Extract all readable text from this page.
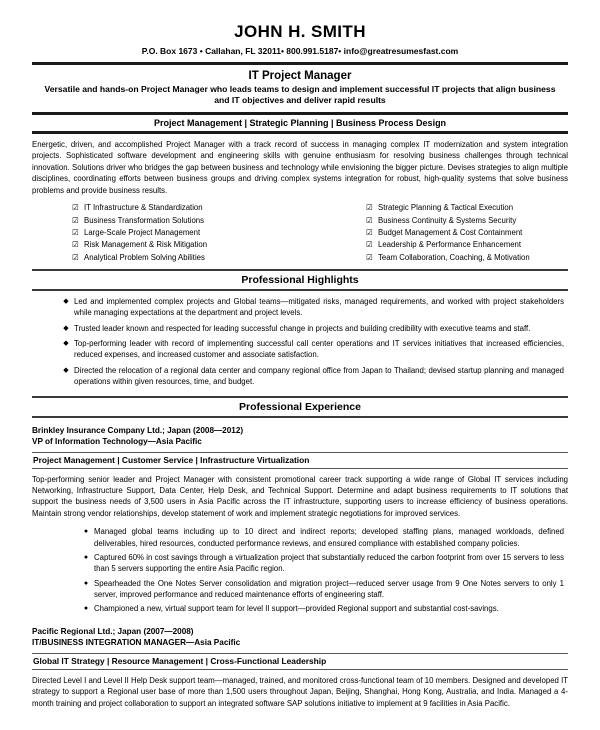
JOHN H. SMITH
P.O. Box 1673 • Callahan, FL 32011• 800.991.5187• info@greatresumesfast.com
IT Project Manager
Versatile and hands-on Project Manager who leads teams to design and implement successful IT projects that align business and IT objectives and deliver rapid results
Project Management | Strategic Planning | Business Process Design
Energetic, driven, and accomplished Project Manager with a track record of success in managing complex IT modernization and system integration projects. Sophisticated software development and engineering skills with genuine enthusiasm for resolving business challenges through technical innovation. Solutions driver who bridges the gap between business and technology while envisioning the bigger picture. Devises strategies to align multiple disciplines, coordinating efforts between business groups and driving complex systems integration for robust, high-quality systems that solve business problems and provide business results.
☑ IT Infrastructure & Standardization
☑ Business Transformation Solutions
☑ Large-Scale Project Management
☑ Risk Management & Risk Mitigation
☑ Analytical Problem Solving Abilities
☑ Strategic Planning & Tactical Execution
☑ Business Continuity & Systems Security
☑ Budget Management & Cost Containment
☑ Leadership & Performance Enhancement
☑ Team Collaboration, Coaching, & Motivation
Professional Highlights
◆ Led and implemented complex projects and Global teams—mitigated risks, managed requirements, and worked with project stakeholders while managing expectations at the department and project levels.
◆ Trusted leader known and respected for leading successful change in projects and building credibility with executive teams and staff.
◆ Top-performing leader with record of implementing successful call center operations and IT services initiatives that increased efficiencies, reduced expenses, and increased customer and associate satisfaction.
◆ Directed the relocation of a regional data center and company regional office from Japan to Thailand; devised startup planning and managed operations within given resources, time, and budget.
Professional Experience
Brinkley Insurance Company Ltd.; Japan (2008—2012)
VP of Information Technology—Asia Pacific
Project Management | Customer Service | Infrastructure Virtualization
Top-performing senior leader and Project Manager with consistent promotional career track supporting a wide range of Global IT services including Networking, Infrastructure Support, Data Center, Help Desk, and Technical Support. Determine and adapt business requirements to IT solutions that support the business needs of 3,500 users in Asia Pacific across the IT infrastructure, supporting users to increase efficiency of business operations. Maintain strong vendor relationships, develop statement of work and implement strategic negotiations for improved services.
● Managed global teams including up to 10 direct and indirect reports; developed staffing plans, managed workloads, defined deliverables, hired resources, conducted performance reviews, and ensured compliance with established company policies.
● Captured 60% in cost savings through a virtualization project that substantially reduced the carbon footprint from over 15 servers to less than 5 servers supporting the entire Asia Pacific region.
● Spearheaded the One Notes Server consolidation and migration project—reduced server usage from 9 One Notes servers to only 1 server, improved performance and reduced maintenance efforts of engineering staff.
● Championed a new, virtual support team for level II support—provided Regional support and substantial cost-savings.
Pacific Regional Ltd.; Japan (2007—2008)
IT/BUSINESS INTEGRATION MANAGER—Asia Pacific
Global IT Strategy | Resource Management | Cross-Functional Leadership
Directed Level I and Level II Help Desk support team—managed, trained, and monitored cross-functional team of 10 members. Designed and developed IT strategy to support a Regional user base of more than 1,500 users throughout Japan, Beijing, Shanghai, Hong Kong, Australia, and India. Managed a 4-month training and project collaboration to support an integrated software SAP solutions initiative to implement at 9 facilities in Asia Pacific.
